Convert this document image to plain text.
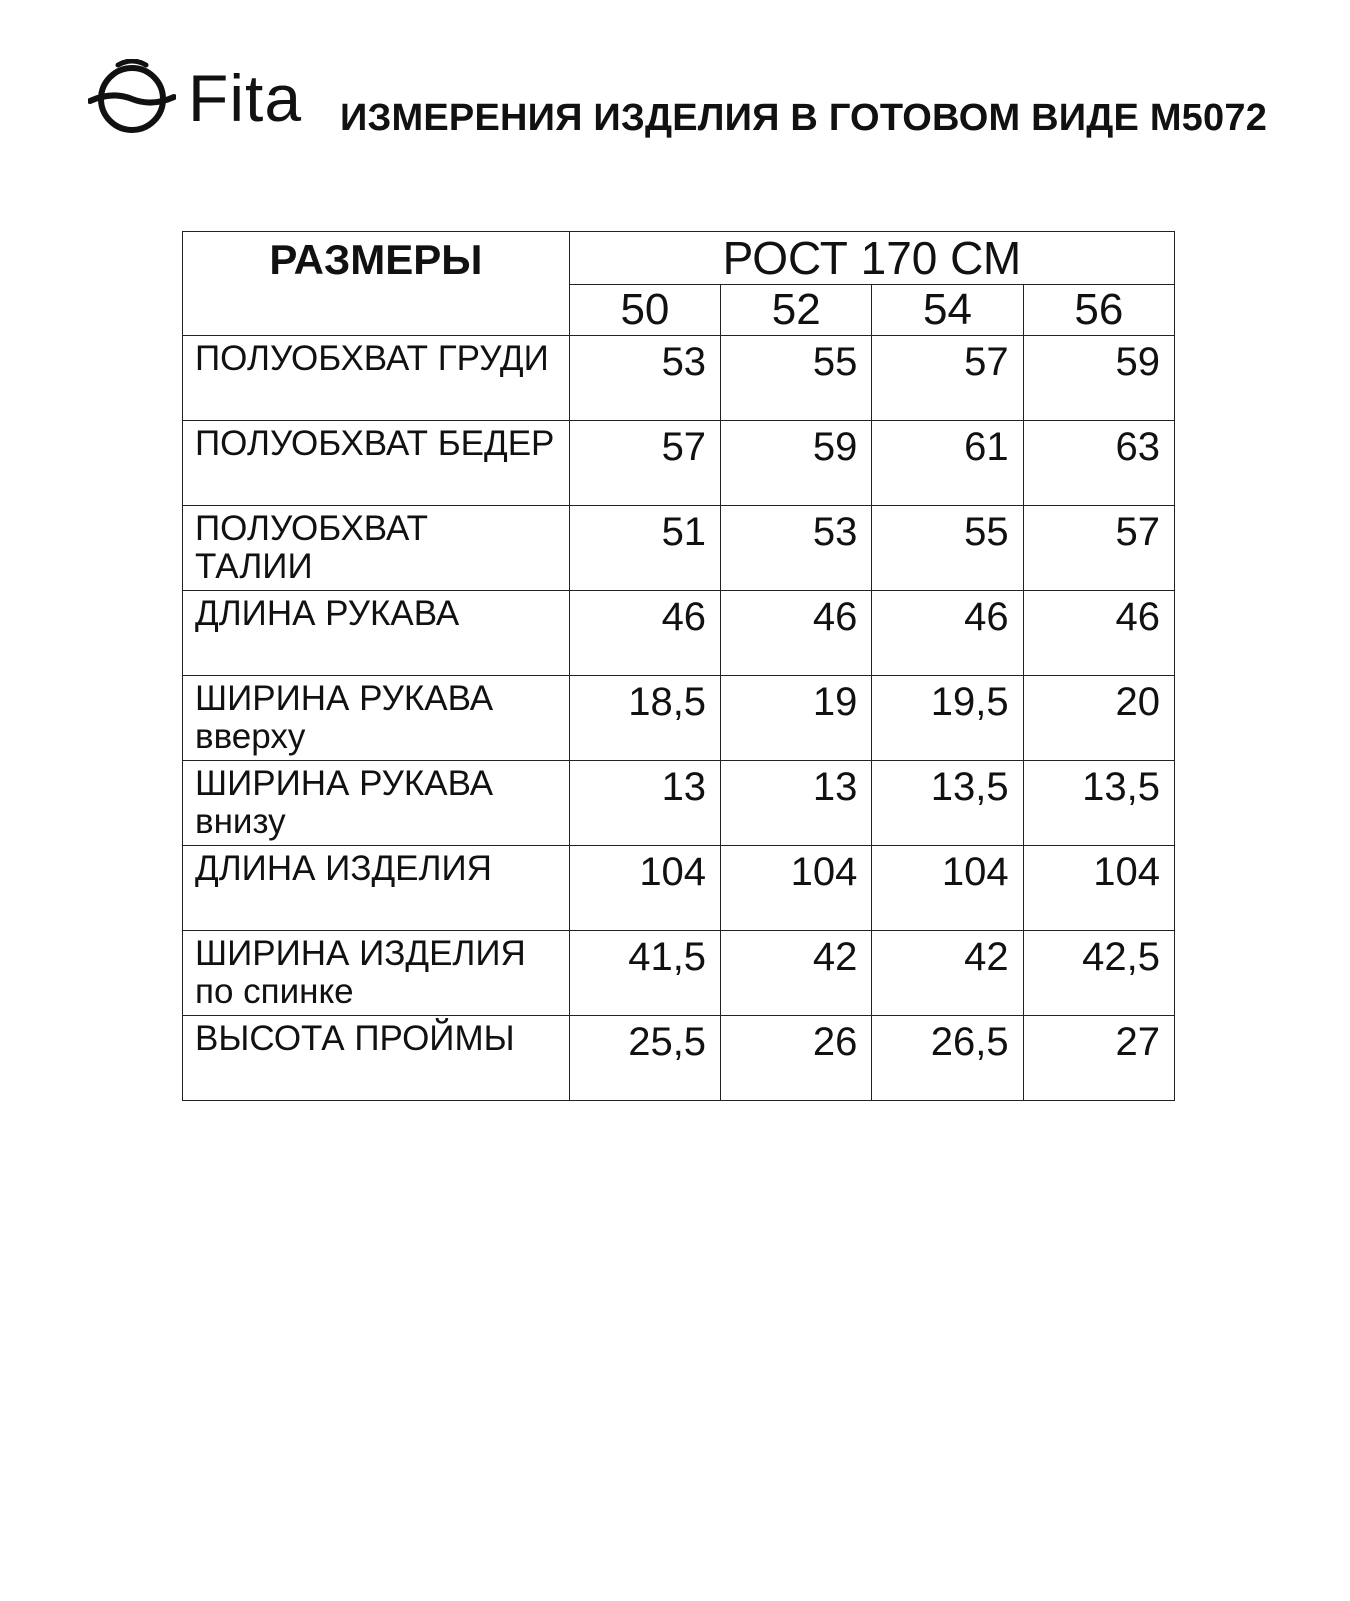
Fita ИЗМЕРЕНИЯ ИЗДЕЛИЯ В ГОТОВОМ ВИДЕ М5072
РАЗМЕРЫ	РОСТ 170 СМ			
	50	52	54	56

ПОЛУОБХВАТ ГРУДИ	53	55	57	59

ПОЛУОБХВАТ БЕДЕР	57	59	61	63

ПОЛУОБХВАТ
ТАЛИИ	51	53	55	57

ДЛИНА РУКАВА	46	46	46	46

ШИРИНА РУКАВА
вверху	18,5	19	19,5	20

ШИРИНА РУКАВА
внизу	13	13	13,5	13,5

ДЛИНА ИЗДЕЛИЯ	104	104	104	104

ШИРИНА ИЗДЕЛИЯ
по спинке	41,5	42	42	42,5

ВЫСОТА ПРОЙМЫ	25,5	26	26,5	27
